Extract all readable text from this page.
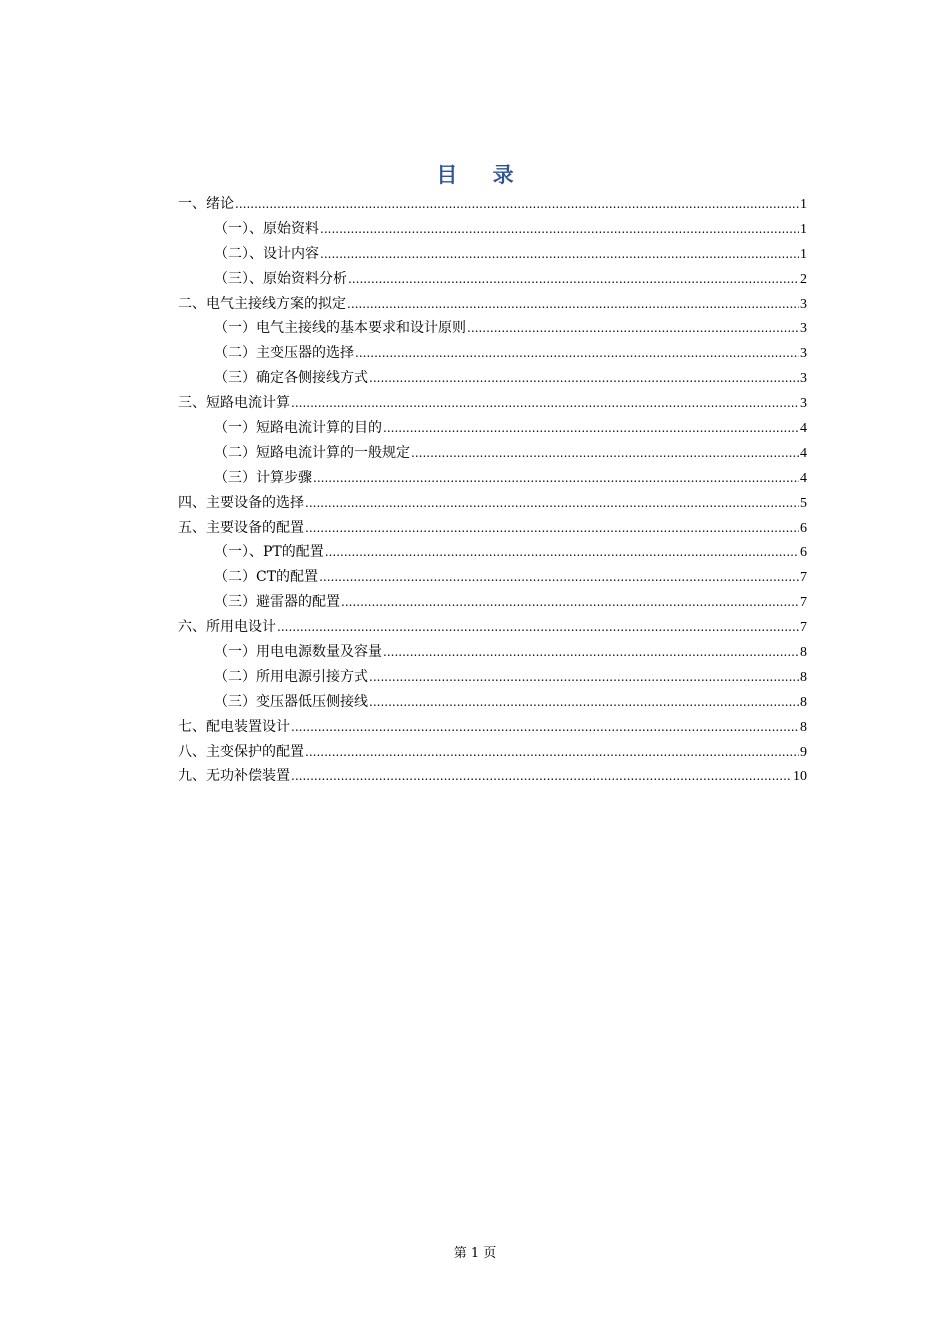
目 录
一、绪论 .....	1
（一）、原始资料 .....	1
（二）、设计内容 .....	1
（三）、原始资料分析 .....	2
二、电气主接线方案的拟定 .....	3
（一）电气主接线的基本要求和设计原则 .....	3
（二）主变压器的选择 .....	3
（三）确定各侧接线方式 .....	3
三、短路电流计算 .....	3
（一）短路电流计算的目的 .....	4
（二）短路电流计算的一般规定 .....	4
（三）计算步骤 .....	4
四、主要设备的选择 .....	5
五、主要设备的配置 .....	6
（一）、PT的配置 .....	6
（二）CT的配置 .....	7
（三）避雷器的配置 .....	7
六、所用电设计 .....	7
（一）用电电源数量及容量 .....	8
（二）所用电源引接方式 .....	8
（三）变压器低压侧接线 .....	8
七、配电装置设计 .....	8
八、主变保护的配置 .....	9
九、无功补偿装置 .....	10
第 1 页
